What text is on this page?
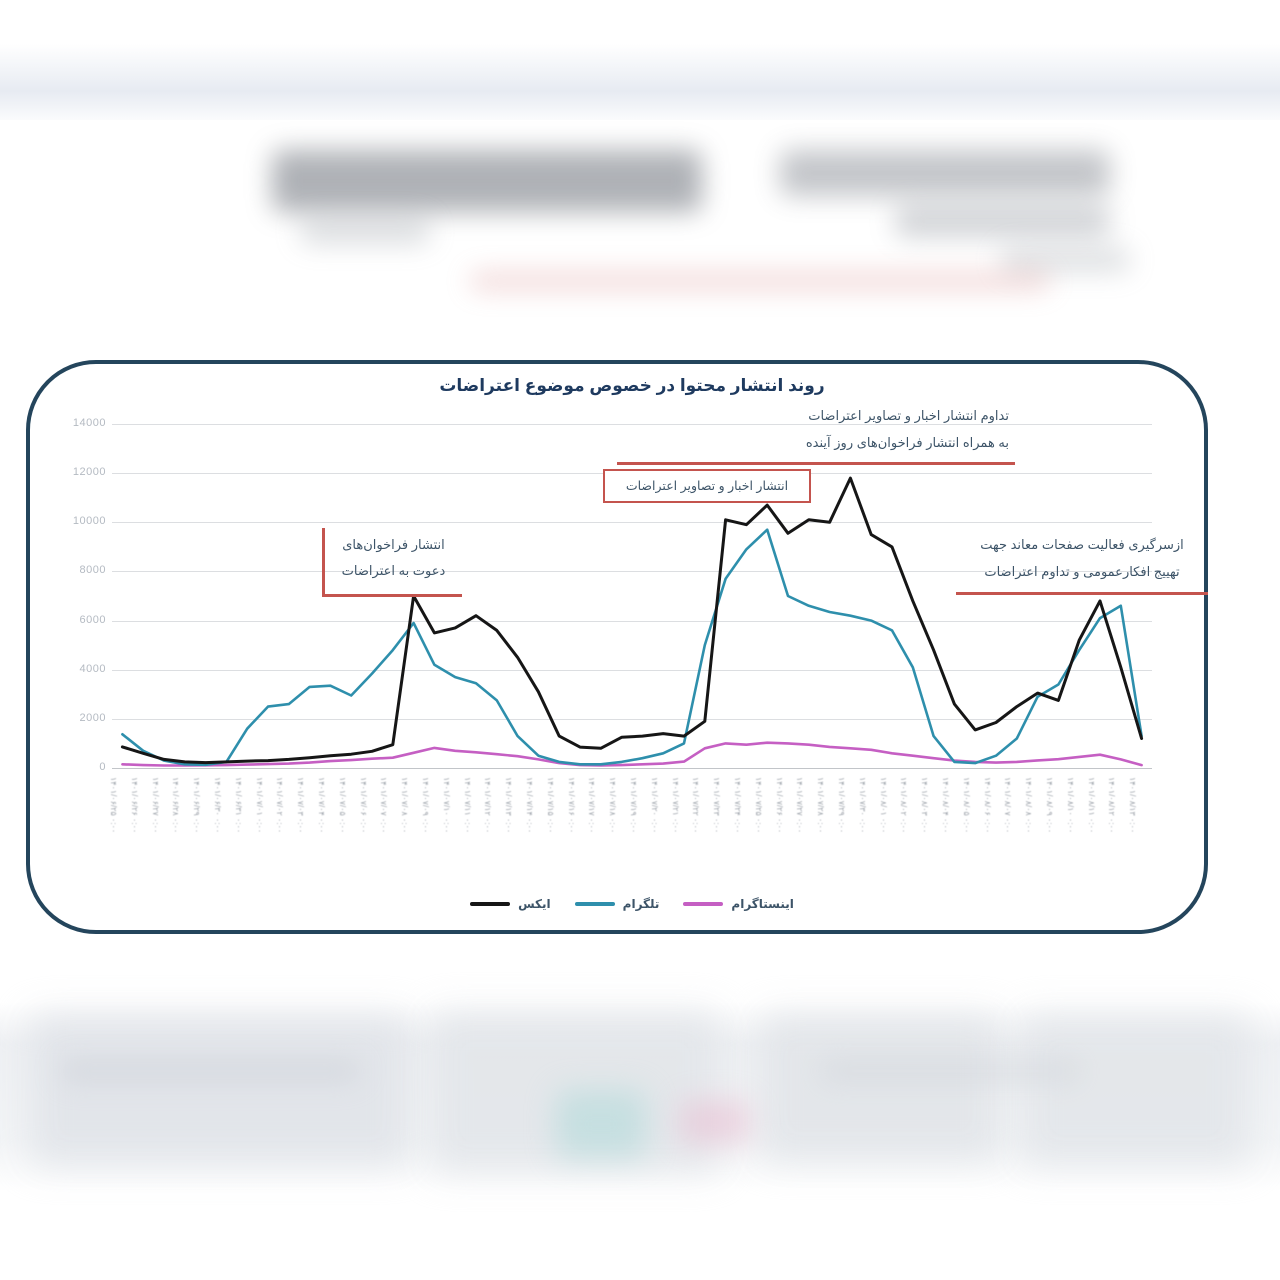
روند انتشار محتوا در خصوص موضوع اعتراضات
0
2000
4000
6000
8000
10000
12000
14000
۱۴۰۱/۰۶/۲۵ ۰:۰۰ ۱۴۰۱/۰۶/۲۶ ۰:۰۰ ۱۴۰۱/۰۶/۲۷ ۰:۰۰ ۱۴۰۱/۰۶/۲۸ ۰:۰۰ ۱۴۰۱/۰۶/۲۹ ۰:۰۰ ۱۴۰۱/۰۶/۳۰ ۰:۰۰ ۱۴۰۱/۰۶/۳۱ ۰:۰۰ ۱۴۰۱/۰۷/۰۱ ۰:۰۰ ۱۴۰۱/۰۷/۰۲ ۰:۰۰ ۱۴۰۱/۰۷/۰۳ ۰:۰۰ ۱۴۰۱/۰۷/۰۴ ۰:۰۰ ۱۴۰۱/۰۷/۰۵ ۰:۰۰ ۱۴۰۱/۰۷/۰۶ ۰:۰۰ ۱۴۰۱/۰۷/۰۷ ۰:۰۰ ۱۴۰۱/۰۷/۰۸ ۰:۰۰ ۱۴۰۱/۰۷/۰۹ ۰:۰۰ ۱۴۰۱/۰۷/۱۰ ۰:۰۰ ۱۴۰۱/۰۷/۱۱ ۰:۰۰ ۱۴۰۱/۰۷/۱۲ ۰:۰۰ ۱۴۰۱/۰۷/۱۳ ۰:۰۰ ۱۴۰۱/۰۷/۱۴ ۰:۰۰ ۱۴۰۱/۰۷/۱۵ ۰:۰۰ ۱۴۰۱/۰۷/۱۶ ۰:۰۰ ۱۴۰۱/۰۷/۱۷ ۰:۰۰ ۱۴۰۱/۰۷/۱۸ ۰:۰۰ ۱۴۰۱/۰۷/۱۹ ۰:۰۰ ۱۴۰۱/۰۷/۲۰ ۰:۰۰ ۱۴۰۱/۰۷/۲۱ ۰:۰۰ ۱۴۰۱/۰۷/۲۲ ۰:۰۰ ۱۴۰۱/۰۷/۲۳ ۰:۰۰ ۱۴۰۱/۰۷/۲۴ ۰:۰۰ ۱۴۰۱/۰۷/۲۵ ۰:۰۰ ۱۴۰۱/۰۷/۲۶ ۰:۰۰ ۱۴۰۱/۰۷/۲۷ ۰:۰۰ ۱۴۰۱/۰۷/۲۸ ۰:۰۰ ۱۴۰۱/۰۷/۲۹ ۰:۰۰ ۱۴۰۱/۰۷/۳۰ ۰:۰۰ ۱۴۰۱/۰۸/۰۱ ۰:۰۰ ۱۴۰۱/۰۸/۰۲ ۰:۰۰ ۱۴۰۱/۰۸/۰۳ ۰:۰۰ ۱۴۰۱/۰۸/۰۴ ۰:۰۰ ۱۴۰۱/۰۸/۰۵ ۰:۰۰ ۱۴۰۱/۰۸/۰۶ ۰:۰۰ ۱۴۰۱/۰۸/۰۷ ۰:۰۰ ۱۴۰۱/۰۸/۰۸ ۰:۰۰ ۱۴۰۱/۰۸/۰۹ ۰:۰۰ ۱۴۰۱/۰۸/۱۰ ۰:۰۰ ۱۴۰۱/۰۸/۱۱ ۰:۰۰ ۱۴۰۱/۰۸/۱۲ ۰:۰۰ ۱۴۰۱/۰۸/۱۳ ۰:۰۰
انتشار فراخوان‌های
دعوت به اعتراضات
انتشار اخبار و تصاویر اعتراضات
تداوم انتشار اخبار و تصاویر اعتراضات
به همراه انتشار فراخوان‌های روز آینده
ازسرگیری فعالیت صفحات معاند جهت
تهییج افکارعمومی و تداوم اعتراضات
ایکس	تلگرام	اینستاگرام
